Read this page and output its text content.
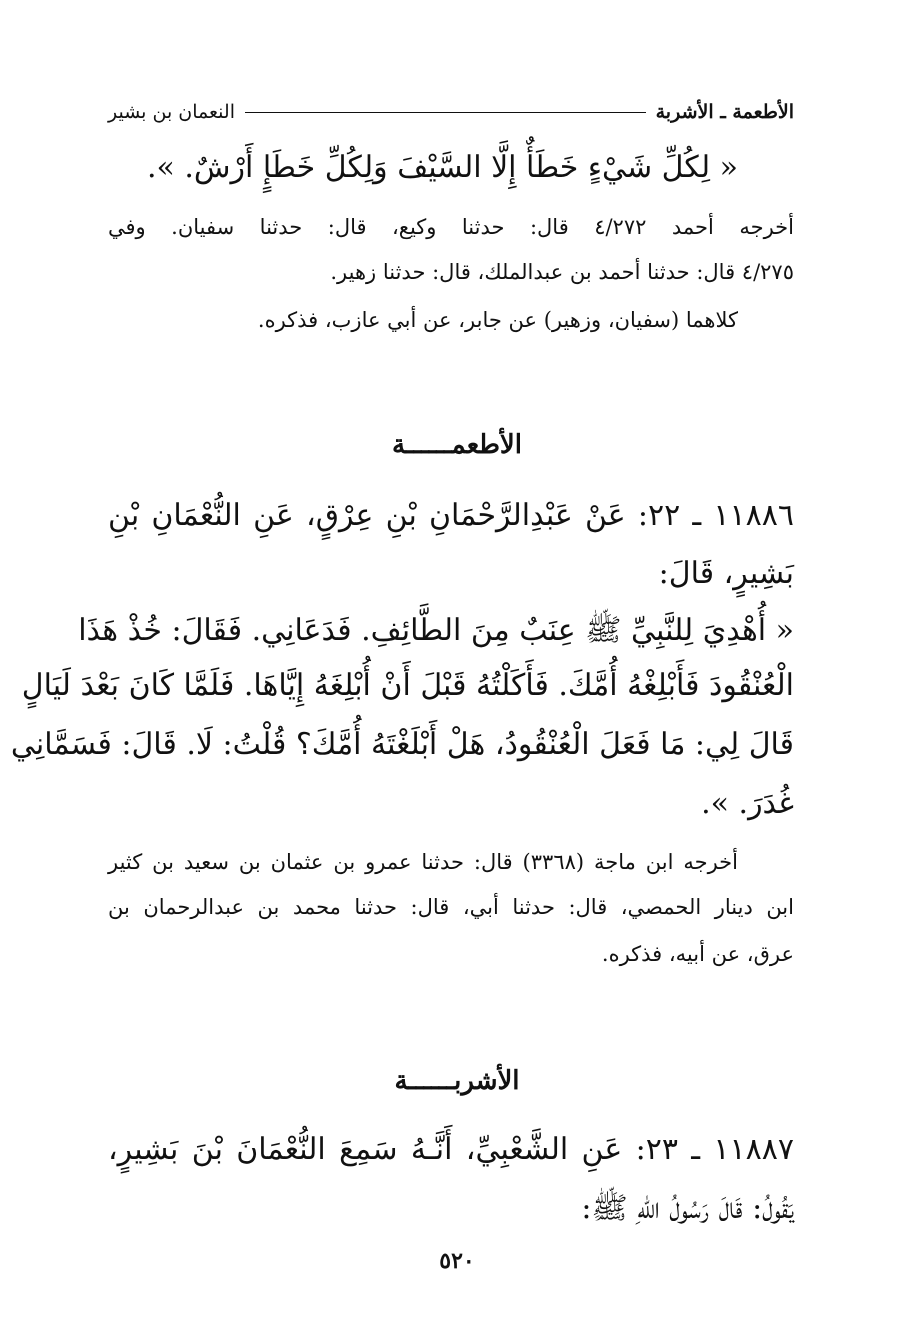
الأطعمة ـ الأشربة
النعمان بن بشير
« لِكُلِّ شَيْءٍ خَطَأٌ إِلَّا السَّيْفَ وَلِكُلِّ خَطَإٍ أَرْشٌ. ».
أخرجه أحمد ٤/٢٧٢ قال: حدثنا وكيع، قال: حدثنا سفيان. وفي
٤/٢٧٥ قال: حدثنا أحمد بن عبدالملك، قال: حدثنا زهير.
كلاهما (سفيان، وزهير) عن جابر، عن أبي عازب، فذكره.
الأطعمــــــة
١١٨٨٦ ـ ٢٢: عَنْ عَبْدِالرَّحْمَانِ بْنِ عِرْقٍ، عَنِ النُّعْمَانِ بْنِ
بَشِيرٍ، قَالَ:
« أُهْدِيَ لِلنَّبِيِّ ﷺ عِنَبٌ مِنَ الطَّائِفِ. فَدَعَانِي. فَقَالَ: خُذْ هَذَا
الْعُنْقُودَ فَأَبْلِغْهُ أُمَّكَ. فَأَكَلْتُهُ قَبْلَ أَنْ أُبْلِغَهُ إِيَّاهَا. فَلَمَّا كَانَ بَعْدَ لَيَالٍ
قَالَ لِي: مَا فَعَلَ الْعُنْقُودُ، هَلْ أَبْلَغْتَهُ أُمَّكَ؟ قُلْتُ: لَا. قَالَ: فَسَمَّانِي
غُدَرَ. ».
أخرجه ابن ماجة (٣٣٦٨) قال: حدثنا عمرو بن عثمان بن سعيد بن كثير
ابن دينار الحمصي، قال: حدثنا أبي، قال: حدثنا محمد بن عبدالرحمان بن
عرق، عن أبيه، فذكره.
الأشربــــــة
١١٨٨٧ ـ ٢٣: عَنِ الشَّعْبِيِّ، أَنَّـهُ سَمِعَ النُّعْمَانَ بْنَ بَشِيرٍ،
يَقُولُ: قَالَ رَسُولُ اللهِ ﷺ:
٥٢٠
